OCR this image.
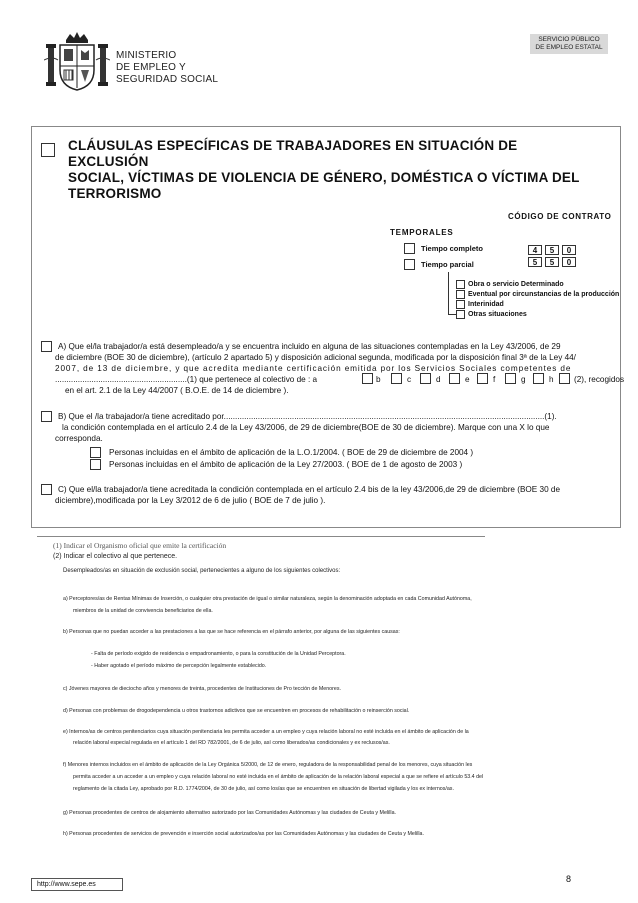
MINISTERIO
DE EMPLEO Y
SEGURIDAD SOCIAL
SERVICIO PÚBLICO
DE EMPLEO ESTATAL
CLÁUSULAS ESPECÍFICAS DE TRABAJADORES EN SITUACIÓN DE EXCLUSIÓN
SOCIAL, VÍCTIMAS DE VIOLENCIA DE GÉNERO, DOMÉSTICA O VÍCTIMA DEL
TERRORISMO
CÓDIGO DE CONTRATO
TEMPORALES
Tiempo completo
Tiempo parcial
4	5	0
5	5	0
Obra o servicio Determinado
Eventual por circunstancias de la producción
Interinidad
Otras situaciones
A) Que el/la trabajador/a está desempleado/a y se encuentra incluido en alguna de las situaciones contempladas en la Ley 43/2006, de 29
de diciembre (BOE 30 de diciembre), (artículo 2 apartado 5) y disposición adicional segunda, modificada por la disposición final 3ª de la Ley 44/
2007, de 13 de diciembre, y que acredita mediante certificación emitida por los Servicios Sociales competentes de
..........................................................(1) que pertenece al colectivo de : a	b	c	d	e	f	g	h (2), recogidos
en el art. 2.1 de la Ley 44/2007 ( B.O.E. de 14 de diciembre ).
B) Que el /la trabajador/a tiene acreditado por.............................................................................................................................................(1).
la condición contemplada en el artículo 2.4 de la Ley 43/2006, de 29 de diciembre(BOE de 30 de diciembre). Marque con una X lo que
corresponda.
Personas incluidas en el ámbito de aplicación de la L.O.1/2004. ( BOE de 29 de diciembre de 2004 )
Personas incluidas en el ámbito de aplicación de la Ley 27/2003. ( BOE de 1 de agosto de 2003 )
C) Que el/la trabajador/a tiene acreditada la condición contemplada en el artículo 2.4 bis de la ley 43/2006,de 29 de diciembre (BOE 30 de
diciembre),modificada por la Ley 3/2012 de 6 de julio ( BOE de 7 de julio ).
(1) Indicar el Organismo oficial que emite la certificación
(2) Indicar el colectivo al que pertenece.
Desempleados/as en situación de exclusión social, pertenecientes a alguno de los siguientes colectivos:
a) Perceptores/as de Rentas Mínimas de Inserción, o cualquier otra prestación de igual o similar naturaleza, según la denominación adoptada en cada Comunidad Autónoma,
miembros de la unidad de convivencia beneficiarios de ella.
b) Personas que no puedan acceder a las prestaciones a las que se hace referencia en el párrafo anterior, por alguna de las siguientes causas:
- Falta de período exigido de residencia o empadronamiento, o para la constitución de la Unidad Perceptora.
- Haber agotado el período máximo de percepción legalmente establecido.
c) Jóvenes mayores de dieciocho años y menores de treinta, procedentes de Instituciones de Pro tección de Menores.
d) Personas con problemas de drogodependencia u otros trastornos adictivos que se encuentren en procesos de rehabilitación o reinserción social.
e) Internos/as de centros penitenciarios cuya situación penitenciaria les permita acceder a un empleo y cuya relación laboral no esté incluida en el ámbito de aplicación de la
relación laboral especial regulada en el artículo 1 del RD 782/2001, de 6 de julio, así como liberados/as condicionales y ex reclusos/as.
f) Menores internos incluidos en el ámbito de aplicación de la Ley Orgánica 5/2000, de 12 de enero, reguladora de la responsabilidad penal de los menores, cuya situación les
permita acceder a un acceder a un empleo y cuya relación laboral no esté incluida en el ámbito de aplicación de la relación laboral especial a que se refiere el artículo 53.4 del
reglamento de la citada Ley, aprobado por R.D. 1774/2004, de 30 de julio, así como los/as que se encuentren en situación de libertad vigilada y los ex internos/as.
g) Personas procedentes de centros de alojamiento alternativo autorizado por las Comunidades Autónomas y las ciudades de Ceuta y Melilla.
h) Personas procedentes de servicios de prevención e inserción social autorizados/as por las Comunidades Autónomas y las ciudades de Ceuta y Melilla.
http://www.sepe.es
8
